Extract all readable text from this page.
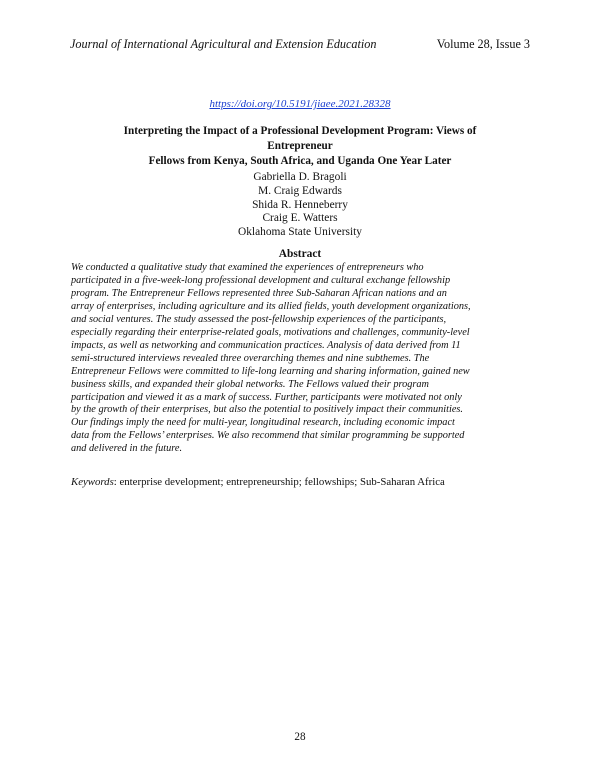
Journal of International Agricultural and Extension Education	Volume 28, Issue 3
https://doi.org/10.5191/jiaee.2021.28328
Interpreting the Impact of a Professional Development Program: Views of Entrepreneur
Fellows from Kenya, South Africa, and Uganda One Year Later
Gabriella D. Bragoli
M. Craig Edwards
Shida R. Henneberry
Craig E. Watters
Oklahoma State University
Abstract
We conducted a qualitative study that examined the experiences of entrepreneurs who
participated in a five-week-long professional development and cultural exchange fellowship
program. The Entrepreneur Fellows represented three Sub-Saharan African nations and an
array of enterprises, including agriculture and its allied fields, youth development organizations,
and social ventures. The study assessed the post-fellowship experiences of the participants,
especially regarding their enterprise-related goals, motivations and challenges, community-level
impacts, as well as networking and communication practices. Analysis of data derived from 11
semi-structured interviews revealed three overarching themes and nine subthemes. The
Entrepreneur Fellows were committed to life-long learning and sharing information, gained new
business skills, and expanded their global networks. The Fellows valued their program
participation and viewed it as a mark of success. Further, participants were motivated not only
by the growth of their enterprises, but also the potential to positively impact their communities.
Our findings imply the need for multi-year, longitudinal research, including economic impact
data from the Fellows’ enterprises. We also recommend that similar programming be supported
and delivered in the future.
Keywords: enterprise development; entrepreneurship; fellowships; Sub-Saharan Africa
28
